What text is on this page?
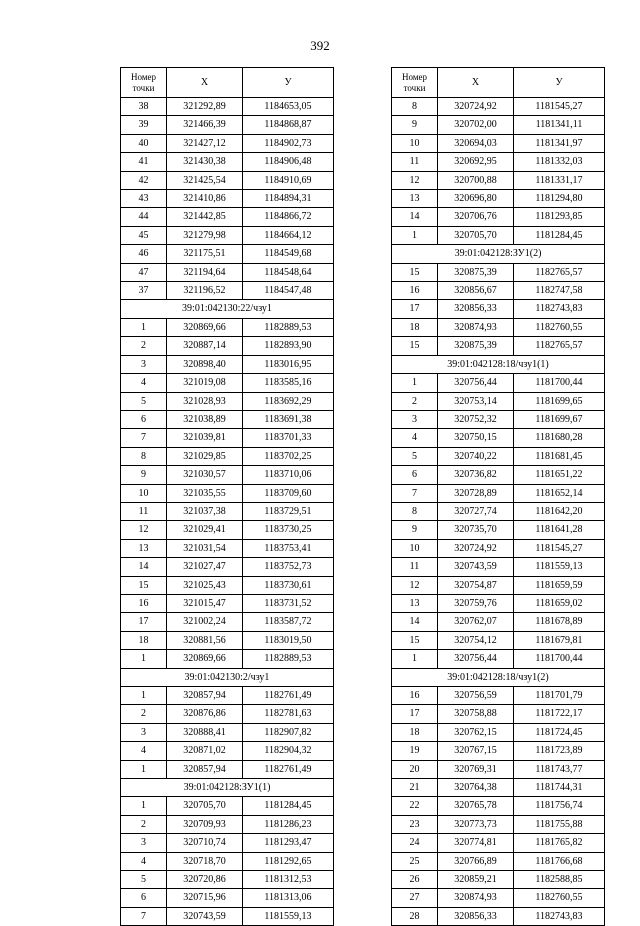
392
Номер
точки	X	У
38	321292,89	1184653,05
39	321466,39	1184868,87
40	321427,12	1184902,73
41	321430,38	1184906,48
42	321425,54	1184910,69
43	321410,86	1184894,31
44	321442,85	1184866,72
45	321279,98	1184664,12
46	321175,51	1184549,68
47	321194,64	1184548,64
37	321196,52	1184547,48
39:01:042130:22/чзу1		
1	320869,66	1182889,53
2	320887,14	1182893,90
3	320898,40	1183016,95
4	321019,08	1183585,16
5	321028,93	1183692,29
6	321038,89	1183691,38
7	321039,81	1183701,33
8	321029,85	1183702,25
9	321030,57	1183710,06
10	321035,55	1183709,60
11	321037,38	1183729,51
12	321029,41	1183730,25
13	321031,54	1183753,41
14	321027,47	1183752,73
15	321025,43	1183730,61
16	321015,47	1183731,52
17	321002,24	1183587,72
18	320881,56	1183019,50
1	320869,66	1182889,53
39:01:042130:2/чзу1		
1	320857,94	1182761,49
2	320876,86	1182781,63
3	320888,41	1182907,82
4	320871,02	1182904,32
1	320857,94	1182761,49
39:01:042128:ЗУ1(1)		
1	320705,70	1181284,45
2	320709,93	1181286,23
3	320710,74	1181293,47
4	320718,70	1181292,65
5	320720,86	1181312,53
6	320715,96	1181313,06
7	320743,59	1181559,13
Номер
точки	X	У
8	320724,92	1181545,27
9	320702,00	1181341,11
10	320694,03	1181341,97
11	320692,95	1181332,03
12	320700,88	1181331,17
13	320696,80	1181294,80
14	320706,76	1181293,85
1	320705,70	1181284,45
39:01:042128:ЗУ1(2)		
15	320875,39	1182765,57
16	320856,67	1182747,58
17	320856,33	1182743,83
18	320874,93	1182760,55
15	320875,39	1182765,57
39:01:042128:18/чзу1(1)		
1	320756,44	1181700,44
2	320753,14	1181699,65
3	320752,32	1181699,67
4	320750,15	1181680,28
5	320740,22	1181681,45
6	320736,82	1181651,22
7	320728,89	1181652,14
8	320727,74	1181642,20
9	320735,70	1181641,28
10	320724,92	1181545,27
11	320743,59	1181559,13
12	320754,87	1181659,59
13	320759,76	1181659,02
14	320762,07	1181678,89
15	320754,12	1181679,81
1	320756,44	1181700,44
39:01:042128:18/чзу1(2)		
16	320756,59	1181701,79
17	320758,88	1181722,17
18	320762,15	1181724,45
19	320767,15	1181723,89
20	320769,31	1181743,77
21	320764,38	1181744,31
22	320765,78	1181756,74
23	320773,73	1181755,88
24	320774,81	1181765,82
25	320766,89	1181766,68
26	320859,21	1182588,85
27	320874,93	1182760,55
28	320856,33	1182743,83
